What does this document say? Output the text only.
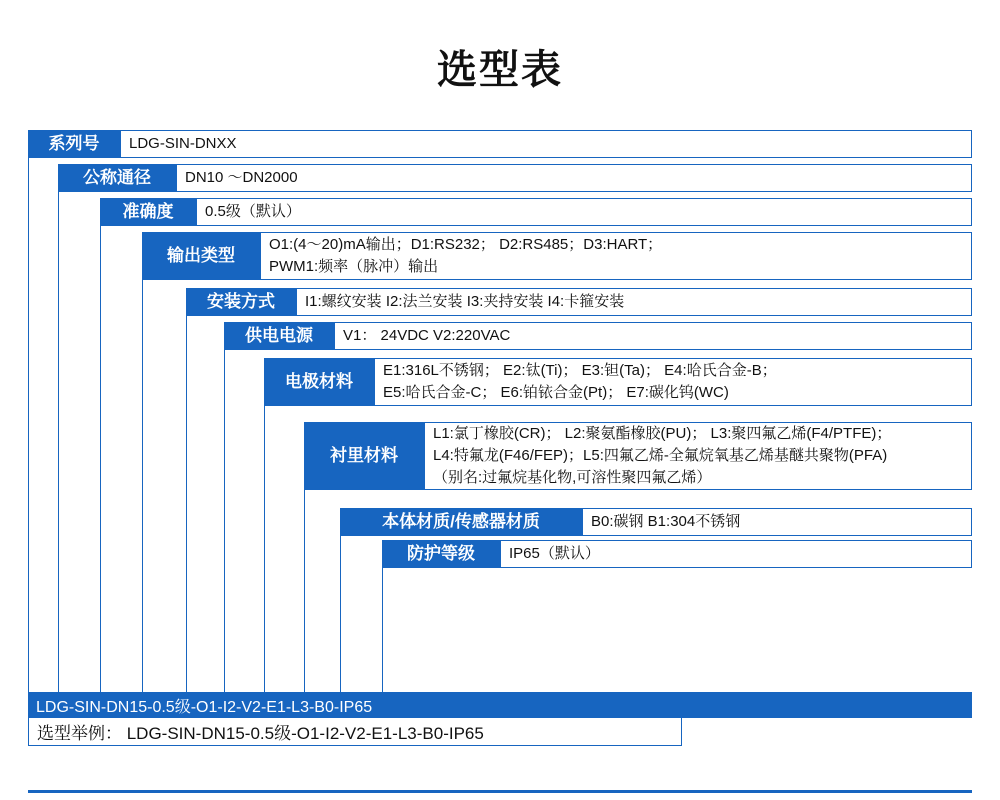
选型表
系列号	LDG-SIN-DNXX
公称通径	DN10 ～DN2000
准确度	0.5级（默认）
输出类型
O1:(4～20)mA输出；D1:RS232； D2:RS485；D3:HART；
PWM1:频率（脉冲）输出
安装方式	I1:螺纹安装 I2:法兰安装 I3:夹持安装 I4:卡箍安装
供电电源	V1： 24VDC V2:220VAC
电极材料
E1:316L不锈钢； E2:钛(Ti)； E3:钽(Ta)； E4:哈氏合金-B；
E5:哈氏合金-C； E6:铂铱合金(Pt)； E7:碳化钨(WC)
衬里材料
L1:氯丁橡胶(CR)； L2:聚氨酯橡胶(PU)； L3:聚四氟乙烯(F4/PTFE)；
L4:特氟龙(F46/FEP)；L5:四氟乙烯-全氟烷氧基乙烯基醚共聚物(PFA)
（别名:过氟烷基化物,可溶性聚四氟乙烯）
本体材质/传感器材质	B0:碳钢 B1:304不锈钢
防护等级	IP65（默认）
LDG-SIN-DN15-0.5级-O1-I2-V2-E1-L3-B0-IP65
选型举例： LDG-SIN-DN15-0.5级-O1-I2-V2-E1-L3-B0-IP65
